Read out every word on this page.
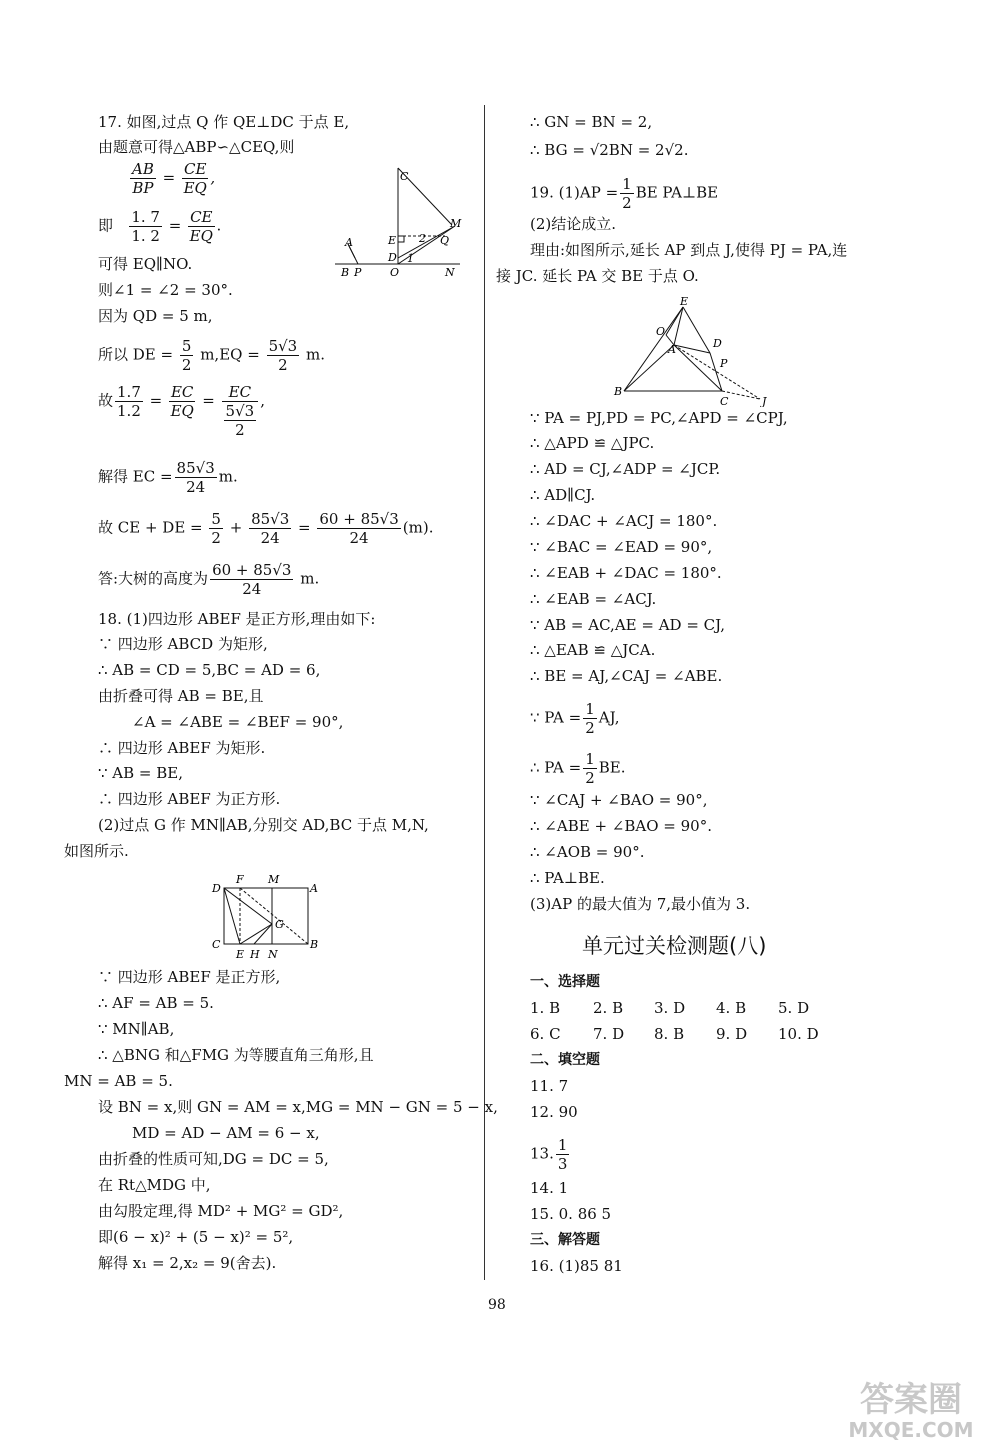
17. 如图,过点 Q 作 QE⊥DC 于点 E,
由题意可得△ABP∽△CEQ,则
$\frac{AB}{BP} = \frac{CE}{EQ}$ ,
即 $\frac{1. 7}{1. 2} = \frac{CE}{EQ}$ .
可得 EQ∥NO.
则∠1 = ∠2 = 30°.
因为 QD = 5 m,
所以 DE = $\frac{5}{2} m,EQ = \frac{5√3}{2} m$.
故 $\frac{1.7}{1.2} = \frac{EC}{EQ} = \frac{EC}{\frac{5√3}{2}}$ ,
解得 EC = $\frac{85√3}{24} m$.
故 CE + DE = $\frac{5}{2} + \frac{85√3}{24} = \frac{60 + 85√3}{24} (m)$.
答:大树的高度为 $\frac{60 + 85√3}{24} m$.
18. (1)四边形 ABEF 是正方形,理由如下:
∵ 四边形 ABCD 为矩形,
∴ AB = CD = 5,BC = AD = 6,
由折叠可得 AB = BE,且
∠A = ∠ABE = ∠BEF = 90°,
∴ 四边形 ABEF 为矩形.
∵ AB = BE,
∴ 四边形 ABEF 为正方形.
(2)过点 G 作 MN∥AB,分别交 AD,BC 于点 M,N,
如图所示.
∵ 四边形 ABEF 是正方形,
∴ AF = AB = 5.
∵ MN∥AB,
∴ △BNG 和△FMG 为等腰直角三角形,且
MN = AB = 5.
设 BN = x,则 GN = AM = x,MG = MN − GN = 5 − x,
MD = AD − AM = 6 − x,
由折叠的性质可知,DG = DC = 5,
在 Rt△MDG 中,
由勾股定理,得 MD² + MG² = GD²,
即(6 − x)² + (5 − x)² = 5²,
解得 x₁ = 2,x₂ = 9(舍去).
C
M
E 2 Q
A
D 1
B P	O	N
D
F M
A
G
C
E H N
B
∴ GN = BN = 2,
∴ BG = √2BN = 2√2.
19. $(1)AP = \frac{1}{2}$ BE PA⊥BE
(2)结论成立.
理由:如图所示,延长 AP 到点 J,使得 PJ = PA,连
接 JC. 延长 PA 交 BE 于点 O.
∵ PA = PJ,PD = PC,∠APD = ∠CPJ,
∴ △APD ≌ △JPC.
∴ AD = CJ,∠ADP = ∠JCP.
∴ AD∥CJ.
∴ ∠DAC + ∠ACJ = 180°.
∵ ∠BAC = ∠EAD = 90°,
∴ ∠EAB + ∠DAC = 180°.
∴ ∠EAB = ∠ACJ.
∵ AB = AC,AE = AD = CJ,
∴ △EAB ≌ △JCA.
∴ BE = AJ,∠CAJ = ∠ABE.
∵ PA = $\frac{1}{2}$ AJ,
∴ PA = $\frac{1}{2}$ BE.
∵ ∠CAJ + ∠BAO = 90°,
∴ ∠ABE + ∠BAO = 90°.
∴ ∠AOB = 90°.
∴ PA⊥BE.
(3)AP 的最大值为 7,最小值为 3.
单元过关检测题(八)
一、选择题
1. B 2. B 3. D 4. B 5. D
6. C 7. D 8. B 9. D 10. D
二、填空题
11. 7
12. 90
13. $\frac{1}{3}$
14. 1
15. 0. 86 5
三、解答题
16. (1)85 81
E
O
A	D
P
B
C	J
98
答案圈
MXQE.COM
